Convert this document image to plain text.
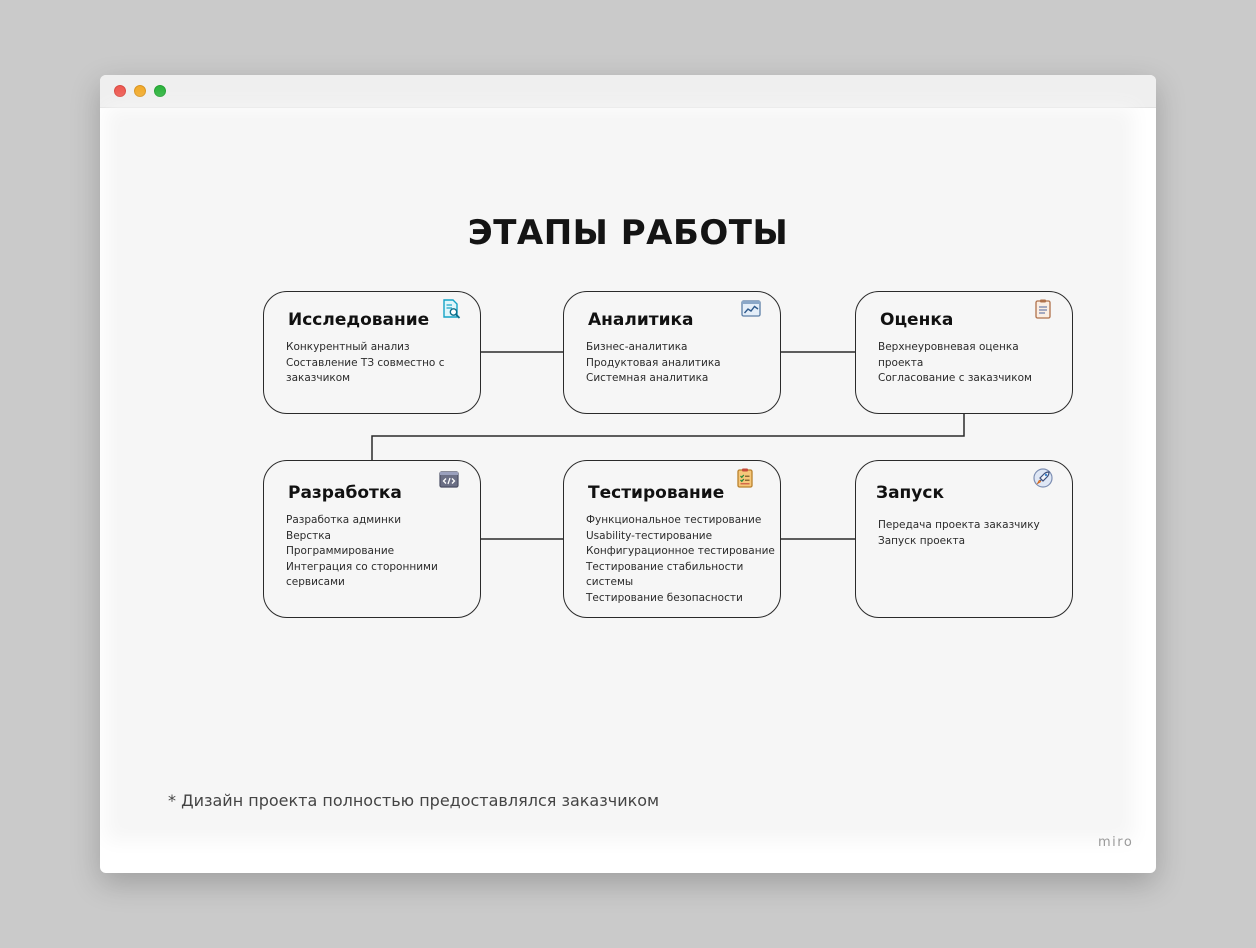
ЭТАПЫ РАБОТЫ
Исследование
Конкурентный анализ
Составление ТЗ совместно с заказчиком
Аналитика
Бизнес-аналитика
Продуктовая аналитика
Системная аналитика
Оценка
Верхнеуровневая оценка проекта
Согласование с заказчиком
Разработка
Разработка админки
Верстка
Программирование
Интеграция со сторонними сервисами
Тестирование
Функциональное тестирование
Usability-тестирование
Конфигурационное тестирование
Тестирование стабильности системы
Тестирование безопасности
Запуск
Передача проекта заказчику
Запуск проекта
* Дизайн проекта полностью предоставлялся заказчиком
miro
